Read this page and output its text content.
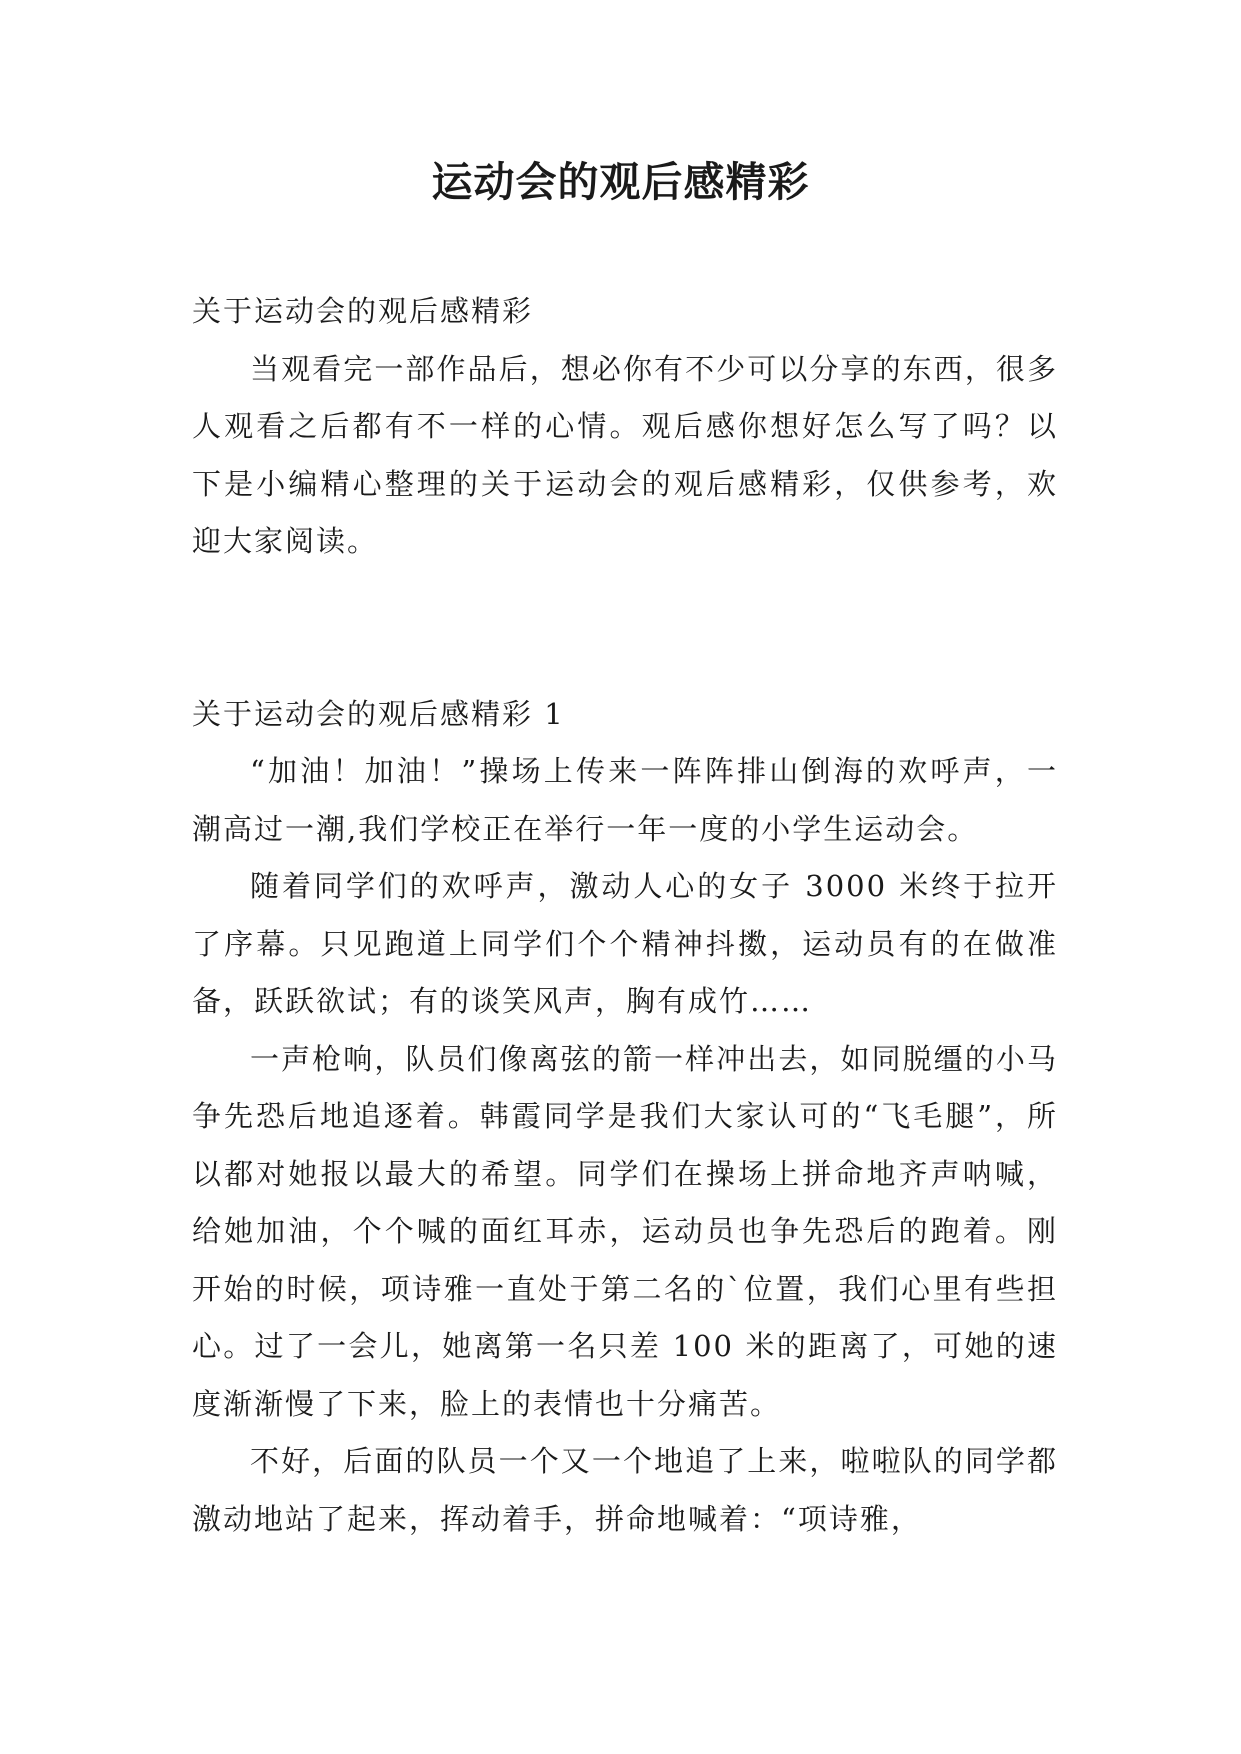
运动会的观后感精彩

关于运动会的观后感精彩

当观看完一部作品后，想必你有不少可以分享的东西，很多人观看之后都有不一样的心情。观后感你想好怎么写了吗？以下是小编精心整理的关于运动会的观后感精彩，仅供参考，欢迎大家阅读。

关于运动会的观后感精彩 1

“加油！加油！”操场上传来一阵阵排山倒海的欢呼声，一潮高过一潮,我们学校正在举行一年一度的小学生运动会。

随着同学们的欢呼声，激动人心的女子 3000 米终于拉开了序幕。只见跑道上同学们个个精神抖擞，运动员有的在做准备，跃跃欲试；有的谈笑风声，胸有成竹……

一声枪响，队员们像离弦的箭一样冲出去，如同脱缰的小马争先恐后地追逐着。韩霞同学是我们大家认可的“飞毛腿”，所以都对她报以最大的希望。同学们在操场上拼命地齐声呐喊，给她加油，个个喊的面红耳赤，运动员也争先恐后的跑着。刚开始的时候，项诗雅一直处于第二名的`位置，我们心里有些担心。过了一会儿，她离第一名只差 100 米的距离了，可她的速度渐渐慢了下来，脸上的表情也十分痛苦。

不好，后面的队员一个又一个地追了上来，啦啦队的同学都激动地站了起来，挥动着手，拼命地喊着：“项诗雅，
